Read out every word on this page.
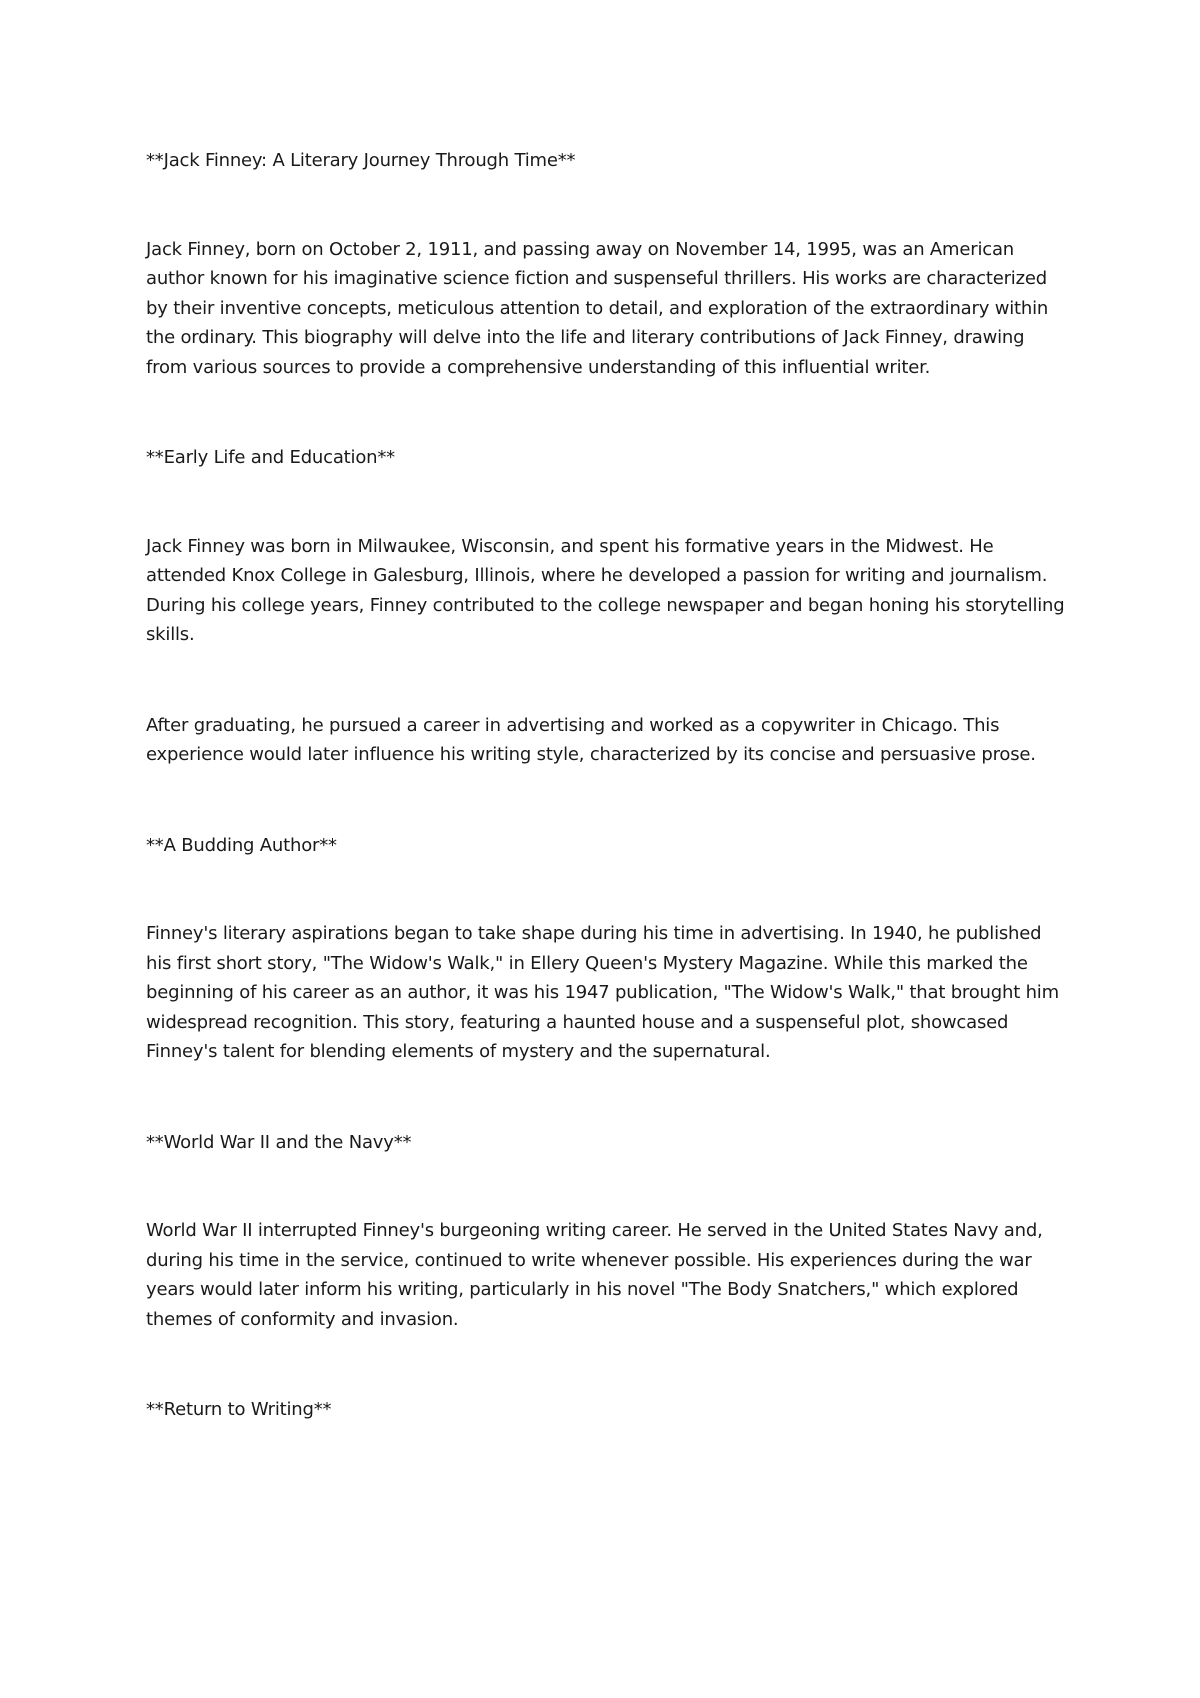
**Jack Finney: A Literary Journey Through Time**

Jack Finney, born on October 2, 1911, and passing away on November 14, 1995, was an American author known for his imaginative science fiction and suspenseful thrillers. His works are characterized by their inventive concepts, meticulous attention to detail, and exploration of the extraordinary within the ordinary. This biography will delve into the life and literary contributions of Jack Finney, drawing from various sources to provide a comprehensive understanding of this influential writer.

**Early Life and Education**

Jack Finney was born in Milwaukee, Wisconsin, and spent his formative years in the Midwest. He attended Knox College in Galesburg, Illinois, where he developed a passion for writing and journalism. During his college years, Finney contributed to the college newspaper and began honing his storytelling skills.

After graduating, he pursued a career in advertising and worked as a copywriter in Chicago. This experience would later influence his writing style, characterized by its concise and persuasive prose.

**A Budding Author**

Finney's literary aspirations began to take shape during his time in advertising. In 1940, he published his first short story, "The Widow's Walk," in Ellery Queen's Mystery Magazine. While this marked the beginning of his career as an author, it was his 1947 publication, "The Widow's Walk," that brought him widespread recognition. This story, featuring a haunted house and a suspenseful plot, showcased Finney's talent for blending elements of mystery and the supernatural.

**World War II and the Navy**

World War II interrupted Finney's burgeoning writing career. He served in the United States Navy and, during his time in the service, continued to write whenever possible. His experiences during the war years would later inform his writing, particularly in his novel "The Body Snatchers," which explored themes of conformity and invasion.

**Return to Writing**
